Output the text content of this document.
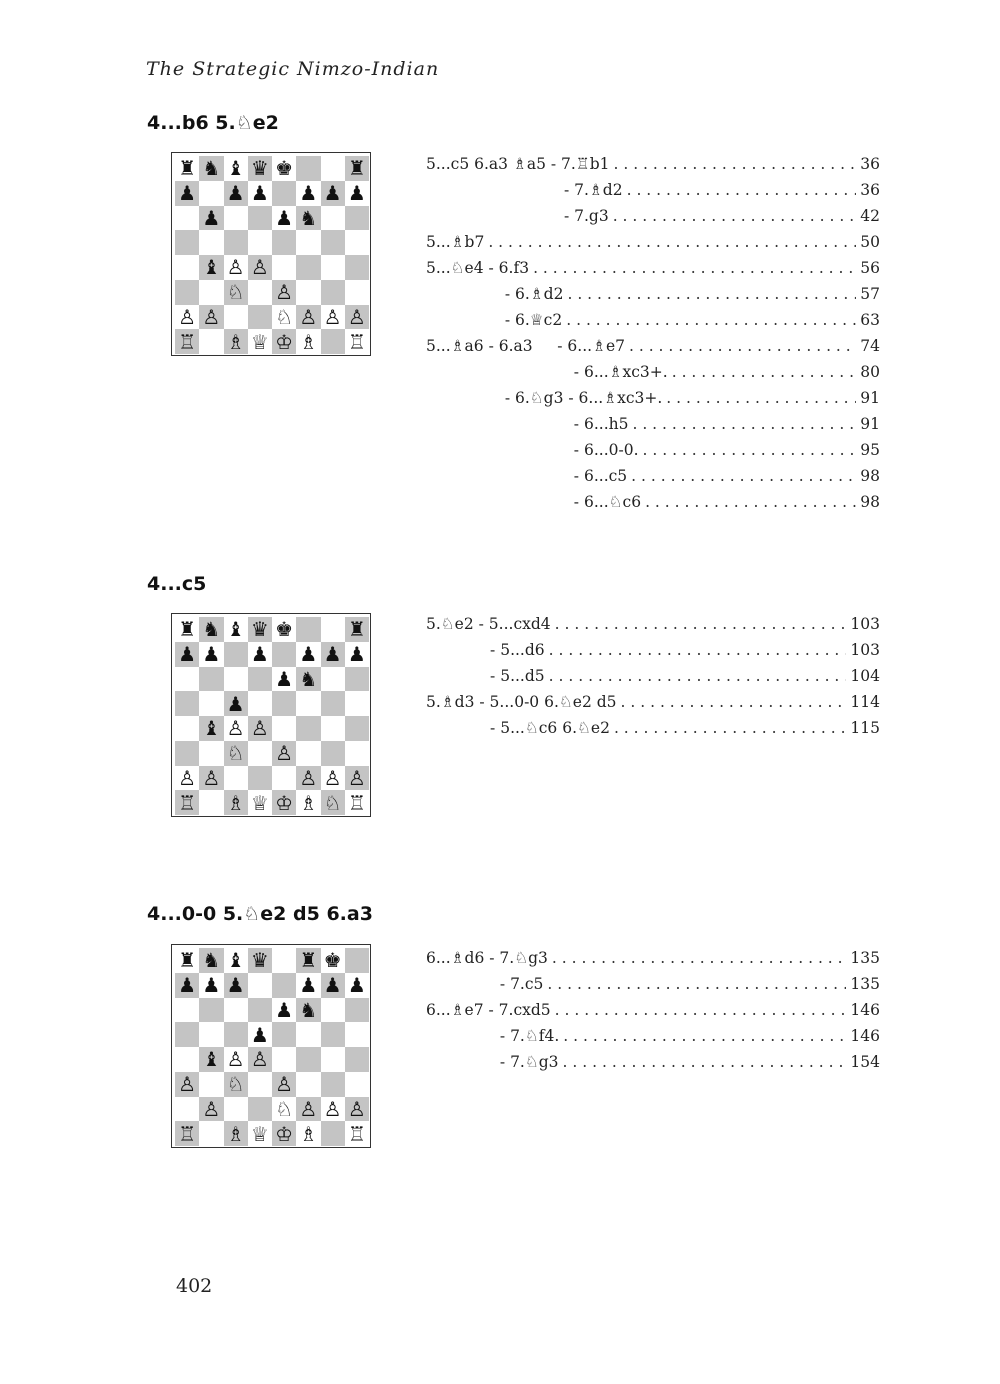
The Strategic Nimzo-Indian
4...b6 5.♘e2
♜ ♞ ♝ ♛ ♚	♜
♟ ♟ ♟ ♟ ♟ ♟
♟	♟ ♞
♝ ♙ ♙
♘ ♙
♙ ♙	♘ ♙ ♙ ♙
♖ ♗ ♕ ♔ ♗ ♖
5...c5 6.a3 ♗a5 - 7.♖b1 . . .	36
- 7.♗d2 . . .	36
- 7.g3 . . .	42
5...♗b7 . . .	50
5...♘e4 - 6.f3 . . .	56
- 6.♗d2 . . .	57
- 6.♕c2 . . .	63
5...♗a6 - 6.a3     - 6...♗e7 . . .	74
- 6...♗xc3+. . . .	80
- 6.♘g3 - 6...♗xc3+. . . .	91
- 6...h5 . . .	91
- 6...0-0. . . .	95
- 6...c5 . . .	98
- 6...♘c6 . . .	98
4...c5
♜ ♞ ♝ ♛ ♚	♜
♟ ♟ ♟ ♟ ♟ ♟
♟ ♞
♟
♝ ♙ ♙
♘ ♙
♙ ♙	♙ ♙ ♙
♖ ♗ ♕ ♔ ♗ ♘ ♖
5.♘e2 - 5...cxd4 . . .	103
- 5...d6 . . .	103
- 5...d5 . . .	104
5.♗d3 - 5...0-0 6.♘e2 d5 . . .	114
- 5...♘c6 6.♘e2 . . .	115
4...0-0 5.♘e2 d5 6.a3
♜ ♞ ♝ ♛ ♜ ♚
♟ ♟ ♟	♟ ♟ ♟
♟ ♞
♟
♝ ♙ ♙
♙ ♘ ♙
♙	♘ ♙ ♙ ♙
♖ ♗ ♕ ♔ ♗ ♖
6...♗d6 - 7.♘g3 . . .	135
- 7.c5 . . .	135
6...♗e7 - 7.cxd5 . . .	146
- 7.♘f4. . . .	146
- 7.♘g3 . . .	154
402
